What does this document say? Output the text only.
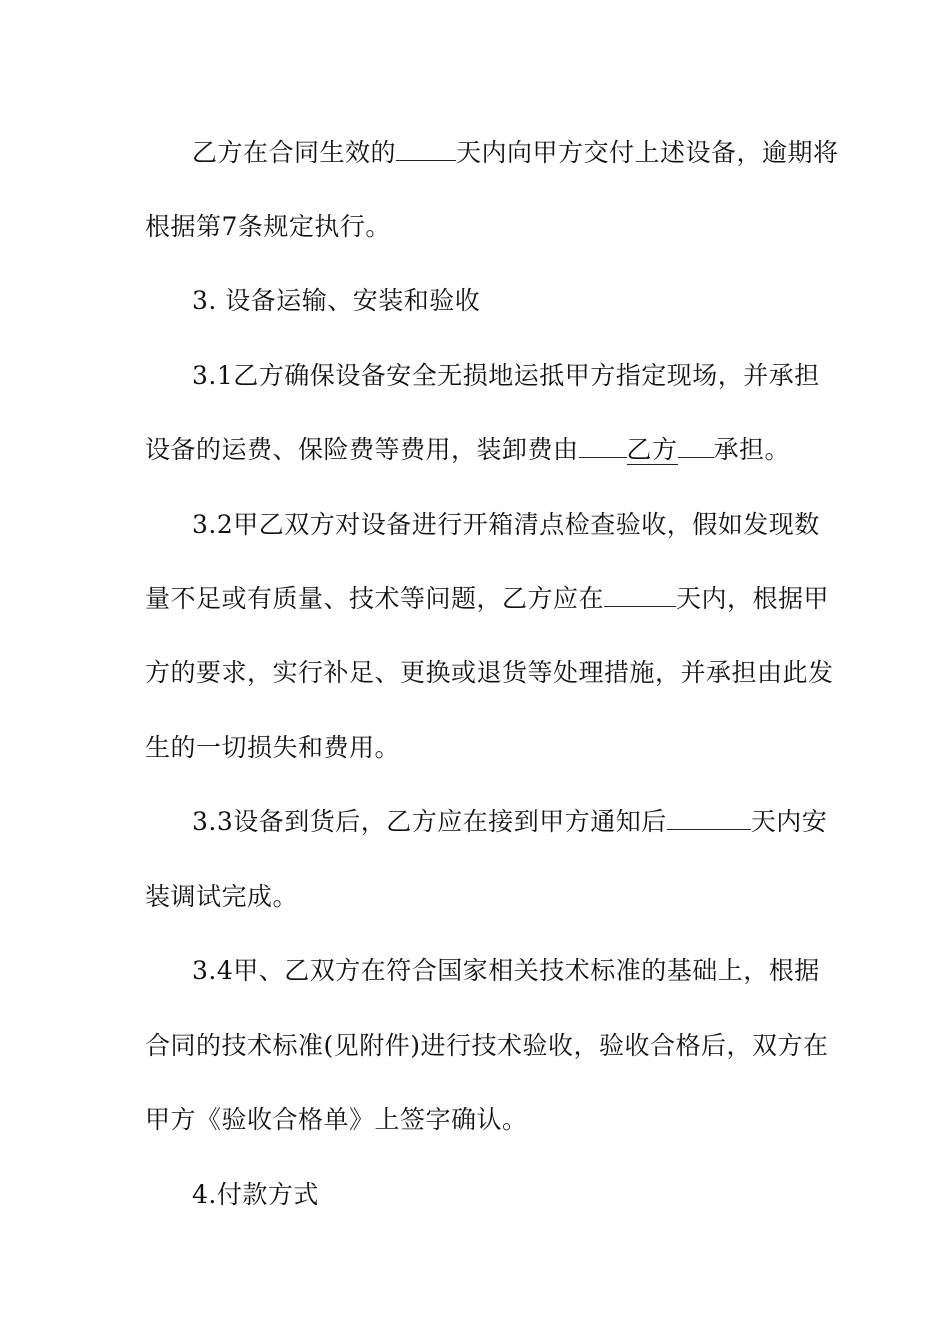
乙方在合同生效的 天内向甲方交付上述设备，逾期将
根据第7条规定执行。
3. 设备运输、安装和验收
3.1乙方确保设备安全无损地运抵甲方指定现场，并承担
设备的运费、保险费等费用，装卸费由 乙方 承担。
3.2甲乙双方对设备进行开箱清点检查验收，假如发现数
量不足或有质量、技术等问题，乙方应在	天内，根据甲
方的要求，实行补足、更换或退货等处理措施，并承担由此发
生的一切损失和费用。
3.3设备到货后，乙方应在接到甲方通知后	天内安
装调试完成。
3.4甲、乙双方在符合国家相关技术标准的基础上，根据
合同的技术标准(见附件)进行技术验收，验收合格后，双方在
甲方《验收合格单》上签字确认。
4.付款方式
